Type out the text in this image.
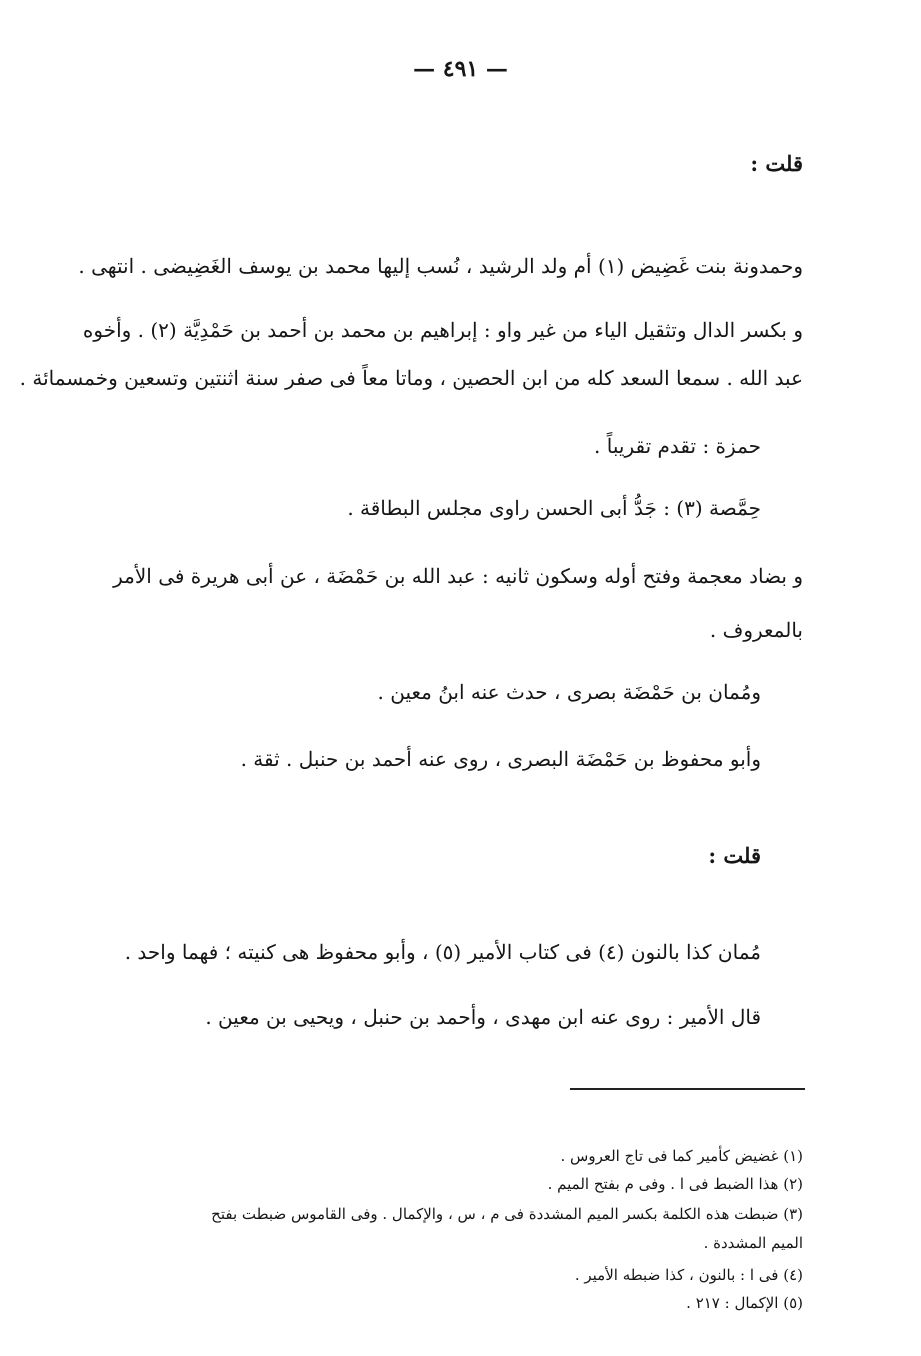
— ٤٩١ —
قلت :
وحمدونة بنت غَضِيض (١) أم ولد الرشيد ، نُسب إليها محمد بن يوسف الغَضِيضى . انتهى .
و بكسر الدال وتثقيل الياء من غير واو : إبراهيم بن محمد بن أحمد بن حَمْدِيَّة (٢) . وأخوه
عبد الله . سمعا السعد كله من ابن الحصين ، وماتا معاً فى صفر سنة اثنتين وتسعين وخمسمائة .
حمزة : تقدم تقريباً .
حِمَّصة (٣) : جَدُّ أبى الحسن راوى مجلس البطاقة .
و بضاد معجمة وفتح أوله وسكون ثانيه : عبد الله بن حَمْضَة ، عن أبى هريرة فى الأمر
بالمعروف .
ومُمان بن حَمْضَة بصرى ، حدث عنه ابنُ معين .
وأبو محفوظ بن حَمْضَة البصرى ، روى عنه أحمد بن حنبل . ثقة .
قلت :
مُمان كذا بالنون (٤) فى كتاب الأمير (٥) ، وأبو محفوظ هى كنيته ؛ فهما واحد .
قال الأمير : روى عنه ابن مهدى ، وأحمد بن حنبل ، ويحيى بن معين .
(١) غضيض كأمير كما فى تاج العروس .
(٢) هذا الضبط فى ا . وفى م بفتح الميم .
(٣) ضبطت هذه الكلمة بكسر الميم المشددة فى م ، س ، والإكمال . وفى القاموس ضبطت بفتح
الميم المشددة .
(٤) فى ا : بالنون ، كذا ضبطه الأمير .
(٥) الإكمال : ٢١٧ .
